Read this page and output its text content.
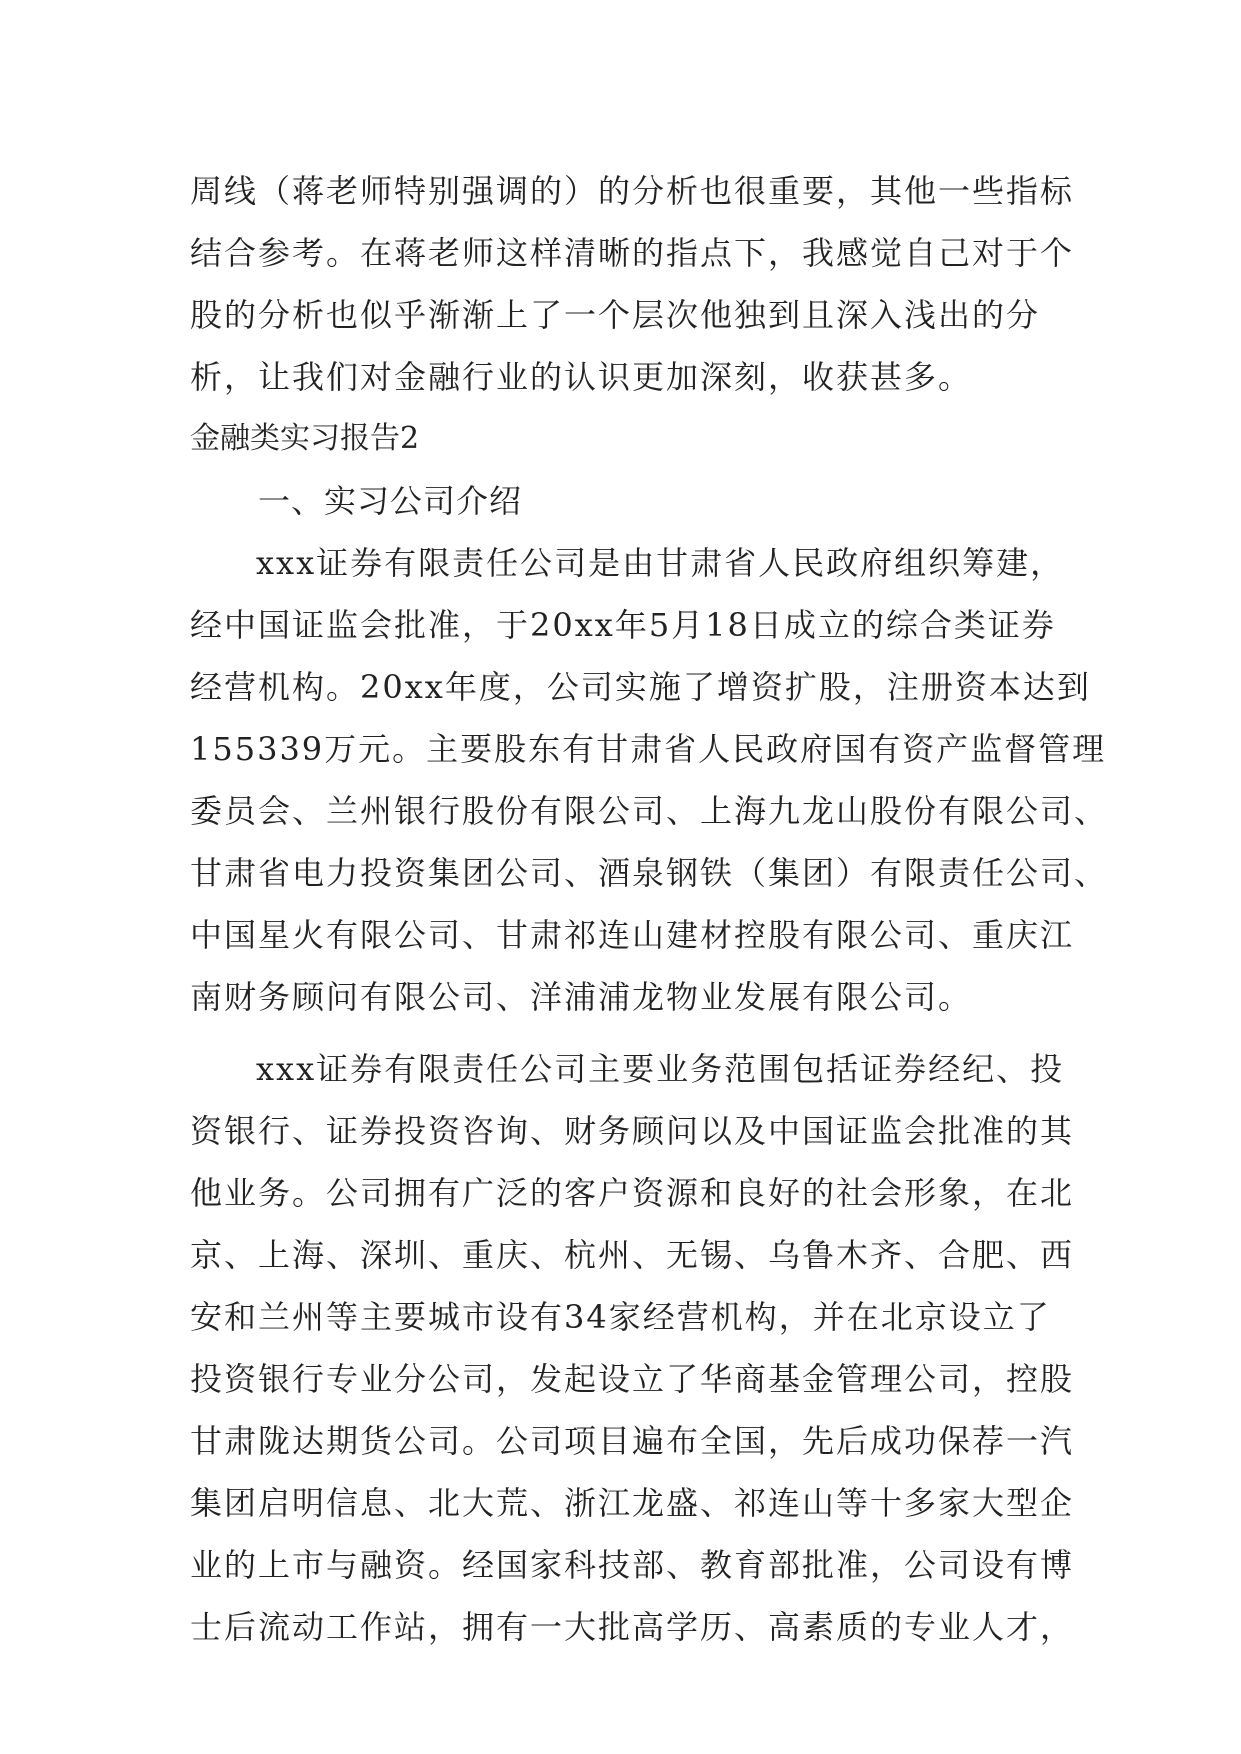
周线（蒋老师特别强调的）的分析也很重要，其他一些指标
结合参考。在蒋老师这样清晰的指点下，我感觉自己对于个
股的分析也似乎渐渐上了一个层次他独到且深入浅出的分
析，让我们对金融行业的认识更加深刻，收获甚多。
金融类实习报告2
一、实习公司介绍
xxx证券有限责任公司是由甘肃省人民政府组织筹建，
经中国证监会批准，于20xx年5月18日成立的综合类证券
经营机构。20xx年度，公司实施了增资扩股，注册资本达到
155339万元。主要股东有甘肃省人民政府国有资产监督管理
委员会、兰州银行股份有限公司、上海九龙山股份有限公司、
甘肃省电力投资集团公司、酒泉钢铁（集团）有限责任公司、
中国星火有限公司、甘肃祁连山建材控股有限公司、重庆江
南财务顾问有限公司、洋浦浦龙物业发展有限公司。
xxx证券有限责任公司主要业务范围包括证券经纪、投
资银行、证券投资咨询、财务顾问以及中国证监会批准的其
他业务。公司拥有广泛的客户资源和良好的社会形象，在北
京、上海、深圳、重庆、杭州、无锡、乌鲁木齐、合肥、西
安和兰州等主要城市设有34家经营机构，并在北京设立了
投资银行专业分公司，发起设立了华商基金管理公司，控股
甘肃陇达期货公司。公司项目遍布全国，先后成功保荐一汽
集团启明信息、北大荒、浙江龙盛、祁连山等十多家大型企
业的上市与融资。经国家科技部、教育部批准，公司设有博
士后流动工作站，拥有一大批高学历、高素质的专业人才，
